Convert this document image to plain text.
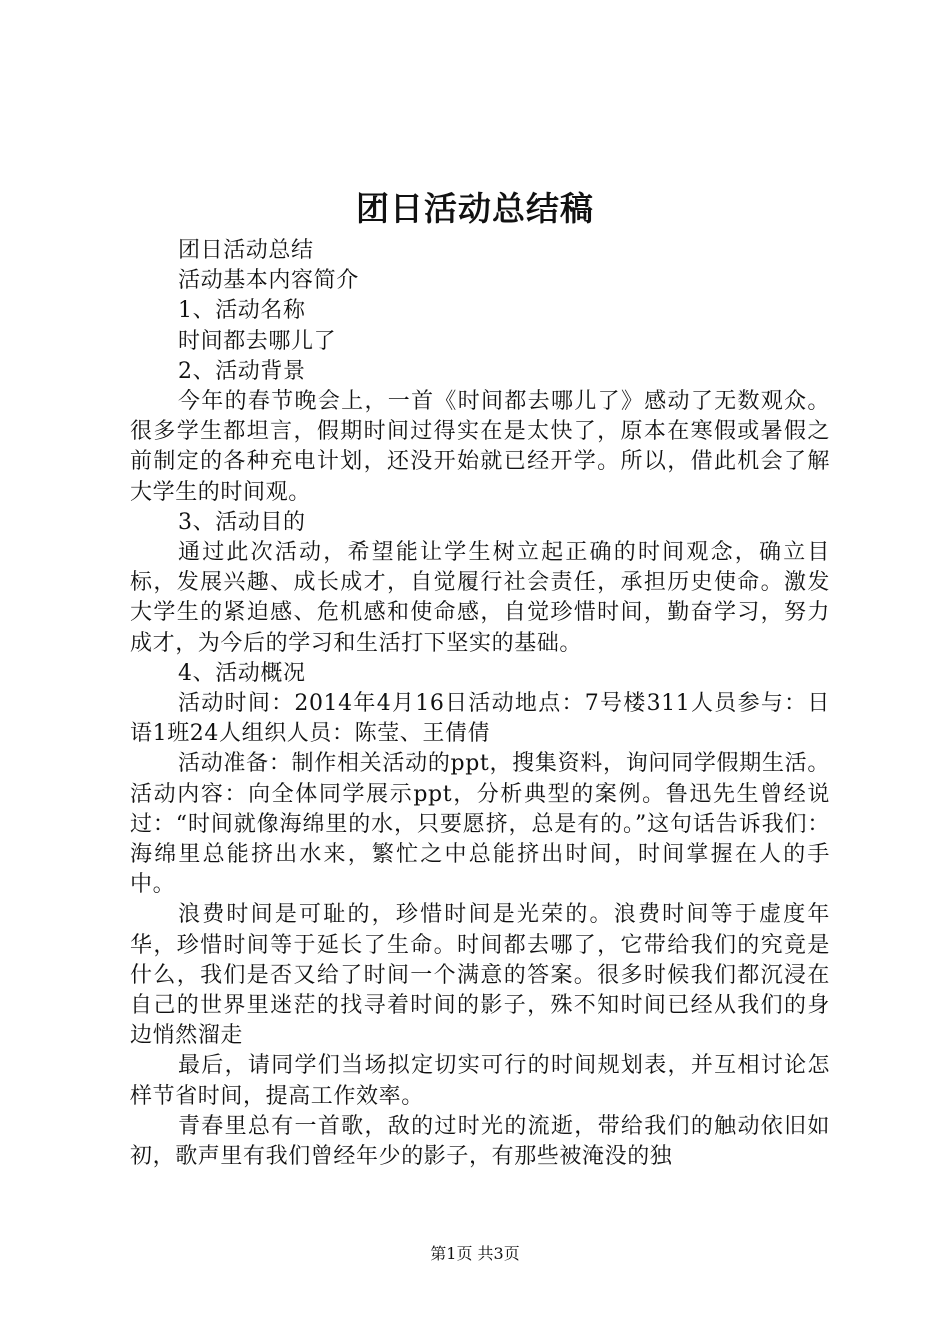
团日活动总结稿

团日活动总结

活动基本内容简介

1、活动名称

时间都去哪儿了

2、活动背景

今年的春节晚会上，一首《时间都去哪儿了》感动了无数观众。很多学生都坦言，假期时间过得实在是太快了，原本在寒假或暑假之前制定的各种充电计划，还没开始就已经开学。所以，借此机会了解大学生的时间观。

3、活动目的

通过此次活动，希望能让学生树立起正确的时间观念，确立目标，发展兴趣、成长成才，自觉履行社会责任，承担历史使命。激发大学生的紧迫感、危机感和使命感，自觉珍惜时间，勤奋学习，努力成才，为今后的学习和生活打下坚实的基础。

4、活动概况

活动时间：2014年4月16日活动地点：7号楼311人员参与：日语1班24人组织人员：陈莹、王倩倩

活动准备：制作相关活动的ppt，搜集资料，询问同学假期生活。活动内容：向全体同学展示ppt，分析典型的案例。鲁迅先生曾经说过：“时间就像海绵里的水，只要愿挤，总是有的。”这句话告诉我们：海绵里总能挤出水来，繁忙之中总能挤出时间，时间掌握在人的手中。

浪费时间是可耻的，珍惜时间是光荣的。浪费时间等于虚度年华，珍惜时间等于延长了生命。时间都去哪了，它带给我们的究竟是什么，我们是否又给了时间一个满意的答案。很多时候我们都沉浸在自己的世界里迷茫的找寻着时间的影子，殊不知时间已经从我们的身边悄然溜走

最后，请同学们当场拟定切实可行的时间规划表，并互相讨论怎样节省时间，提高工作效率。

青春里总有一首歌，敌的过时光的流逝，带给我们的触动依旧如初，歌声里有我们曾经年少的影子，有那些被淹没的独

第1页 共3页
